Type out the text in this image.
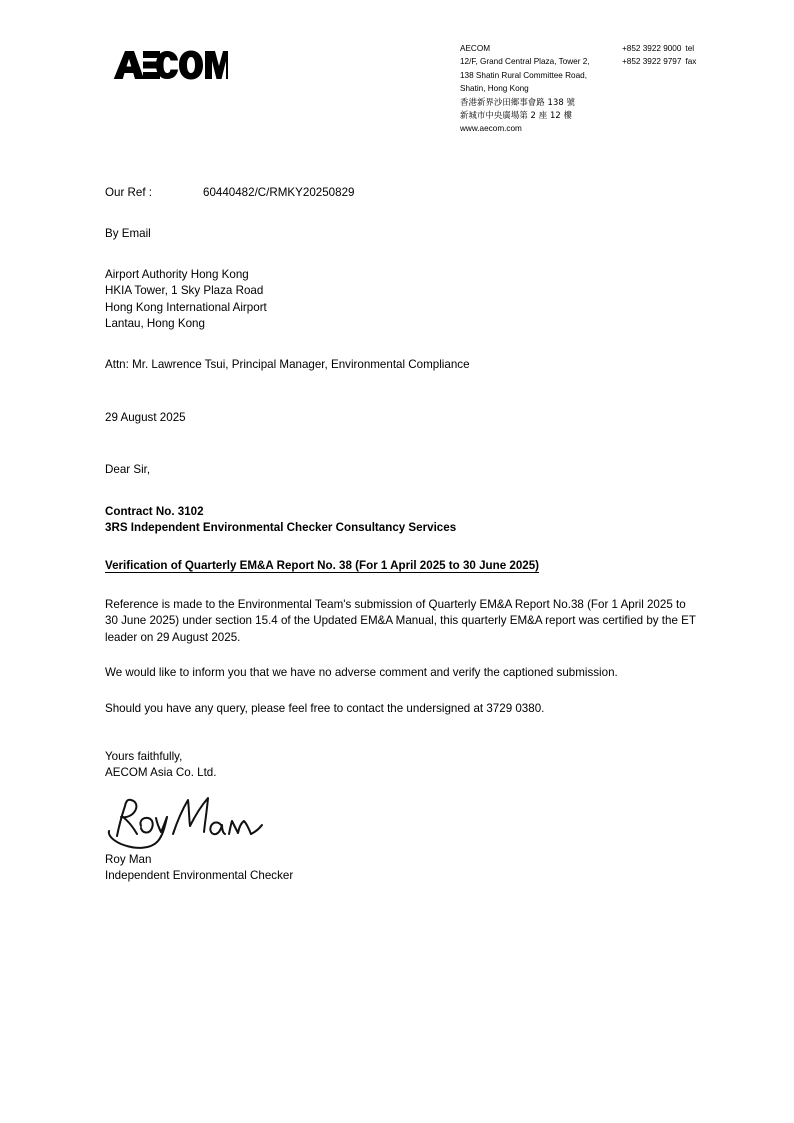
AECOM
12/F, Grand Central Plaza, Tower 2,
138 Shatin Rural Committee Road,
Shatin, Hong Kong
香港新界沙田鄉事會路 138 號
新城市中央廣場第 2 座 12 樓
www.aecom.com
+852 3922 9000 tel
+852 3922 9797 fax
Our Ref :	60440482/C/RMKY20250829
By Email
Airport Authority Hong Kong
HKIA Tower, 1 Sky Plaza Road
Hong Kong International Airport
Lantau, Hong Kong
Attn: Mr. Lawrence Tsui, Principal Manager, Environmental Compliance
29 August 2025
Dear Sir,
Contract No. 3102
3RS Independent Environmental Checker Consultancy Services
Verification of Quarterly EM&A Report No. 38 (For 1 April 2025 to 30 June 2025)
Reference is made to the Environmental Team's submission of Quarterly EM&A Report No.38 (For 1 April 2025 to 30 June 2025) under section 15.4 of the Updated EM&A Manual, this quarterly EM&A report was certified by the ET leader on 29 August 2025.
We would like to inform you that we have no adverse comment and verify the captioned submission.
Should you have any query, please feel free to contact the undersigned at 3729 0380.
Yours faithfully,
AECOM Asia Co. Ltd.
Roy Man
Independent Environmental Checker
